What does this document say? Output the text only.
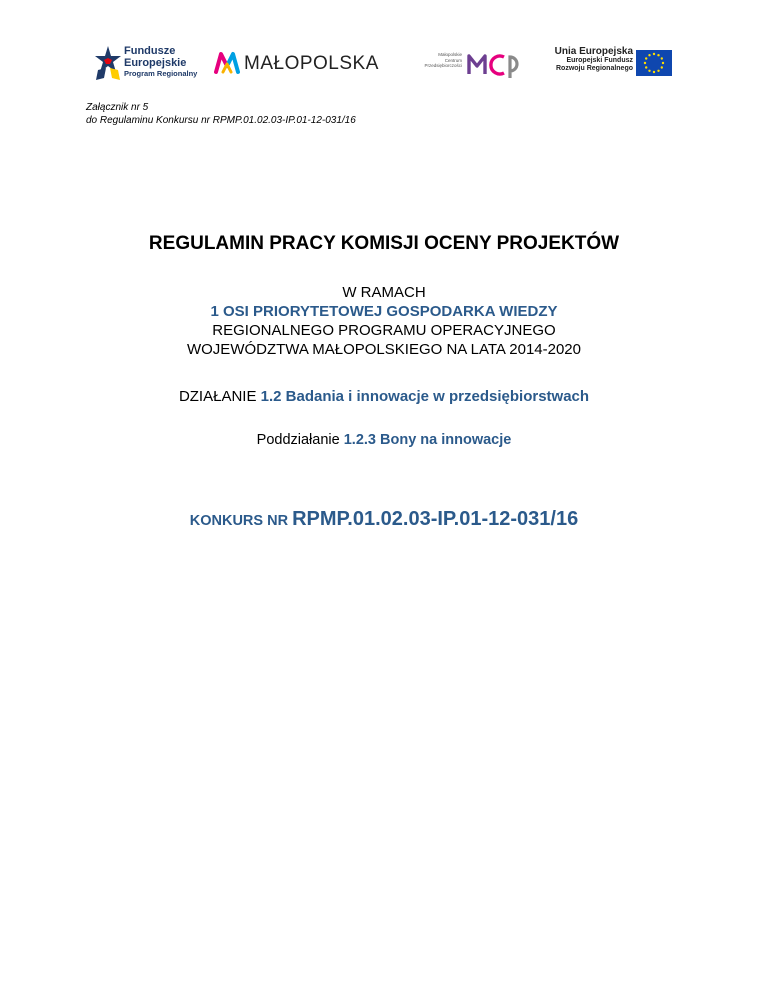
Fundusze
Europejskie
Program Regionalny MAŁOPOLSKA	Małopolskie
Centrum
Przedsiębiorczości
Unia Europejska
Europejski Fundusz
Rozwoju Regionalnego
Załącznik nr 5
do Regulaminu Konkursu nr RPMP.01.02.03-IP.01-12-031/16
REGULAMIN PRACY KOMISJI OCENY PROJEKTÓW
W RAMACH
1 OSI PRIORYTETOWEJ GOSPODARKA WIEDZY
REGIONALNEGO PROGRAMU OPERACYJNEGO
WOJEWÓDZTWA MAŁOPOLSKIEGO NA LATA 2014-2020
DZIAŁANIE 1.2 Badania i innowacje w przedsiębiorstwach
Poddziałanie 1.2.3 Bony na innowacje
KONKURS NR RPMP.01.02.03-IP.01-12-031/16
